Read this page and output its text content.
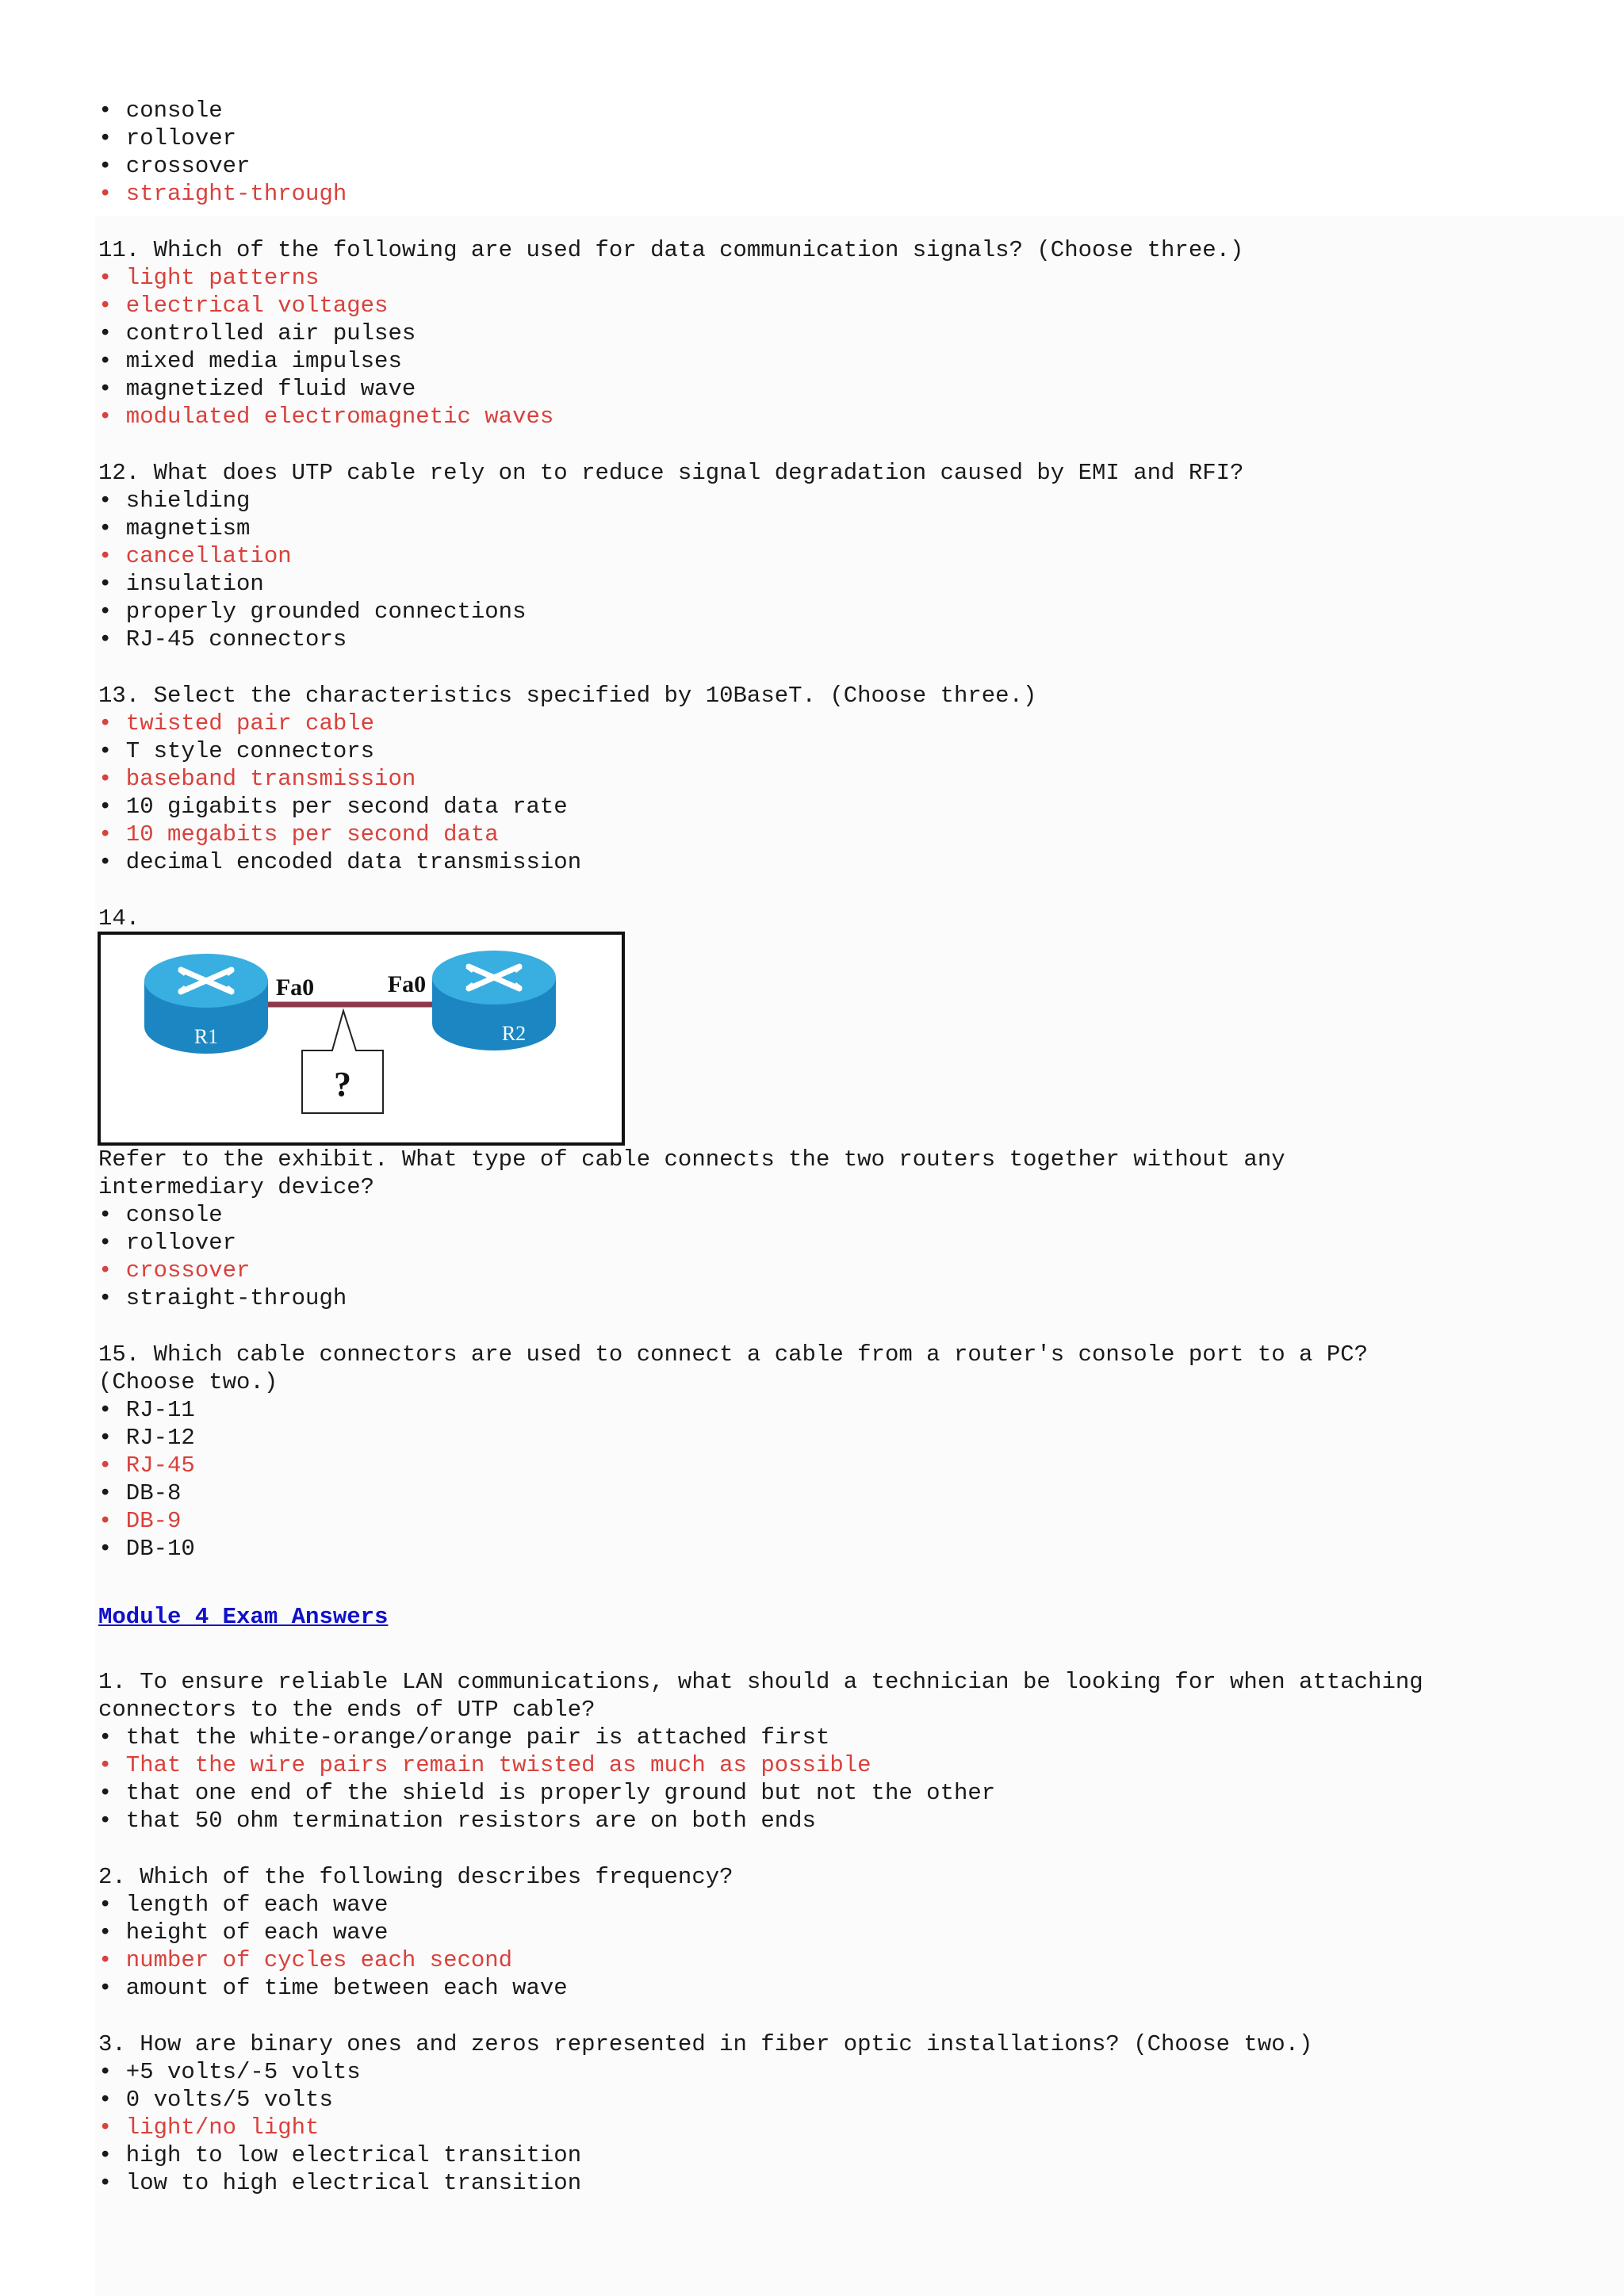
• console
• rollover
• crossover
• straight-through
11. Which of the following are used for data communication signals? (Choose three.)
• light patterns
• electrical voltages
• controlled air pulses
• mixed media impulses
• magnetized fluid wave
• modulated electromagnetic waves
12. What does UTP cable rely on to reduce signal degradation caused by EMI and RFI?
• shielding
• magnetism
• cancellation
• insulation
• properly grounded connections
• RJ-45 connectors
13. Select the characteristics specified by 10BaseT. (Choose three.)
• twisted pair cable
• T style connectors
• baseband transmission
• 10 gigabits per second data rate
• 10 megabits per second data
• decimal encoded data transmission
14.
R1	R2
Fa0	Fa0
?
Refer to the exhibit. What type of cable connects the two routers together without any
intermediary device?
• console
• rollover
• crossover
• straight-through
15. Which cable connectors are used to connect a cable from a router's console port to a PC?
(Choose two.)
• RJ-11
• RJ-12
• RJ-45
• DB-8
• DB-9
• DB-10
Module 4 Exam Answers
1. To ensure reliable LAN communications, what should a technician be looking for when attaching
connectors to the ends of UTP cable?
• that the white-orange/orange pair is attached first
• That the wire pairs remain twisted as much as possible
• that one end of the shield is properly ground but not the other
• that 50 ohm termination resistors are on both ends
2. Which of the following describes frequency?
• length of each wave
• height of each wave
• number of cycles each second
• amount of time between each wave
3. How are binary ones and zeros represented in fiber optic installations? (Choose two.)
• +5 volts/-5 volts
• 0 volts/5 volts
• light/no light
• high to low electrical transition
• low to high electrical transition
